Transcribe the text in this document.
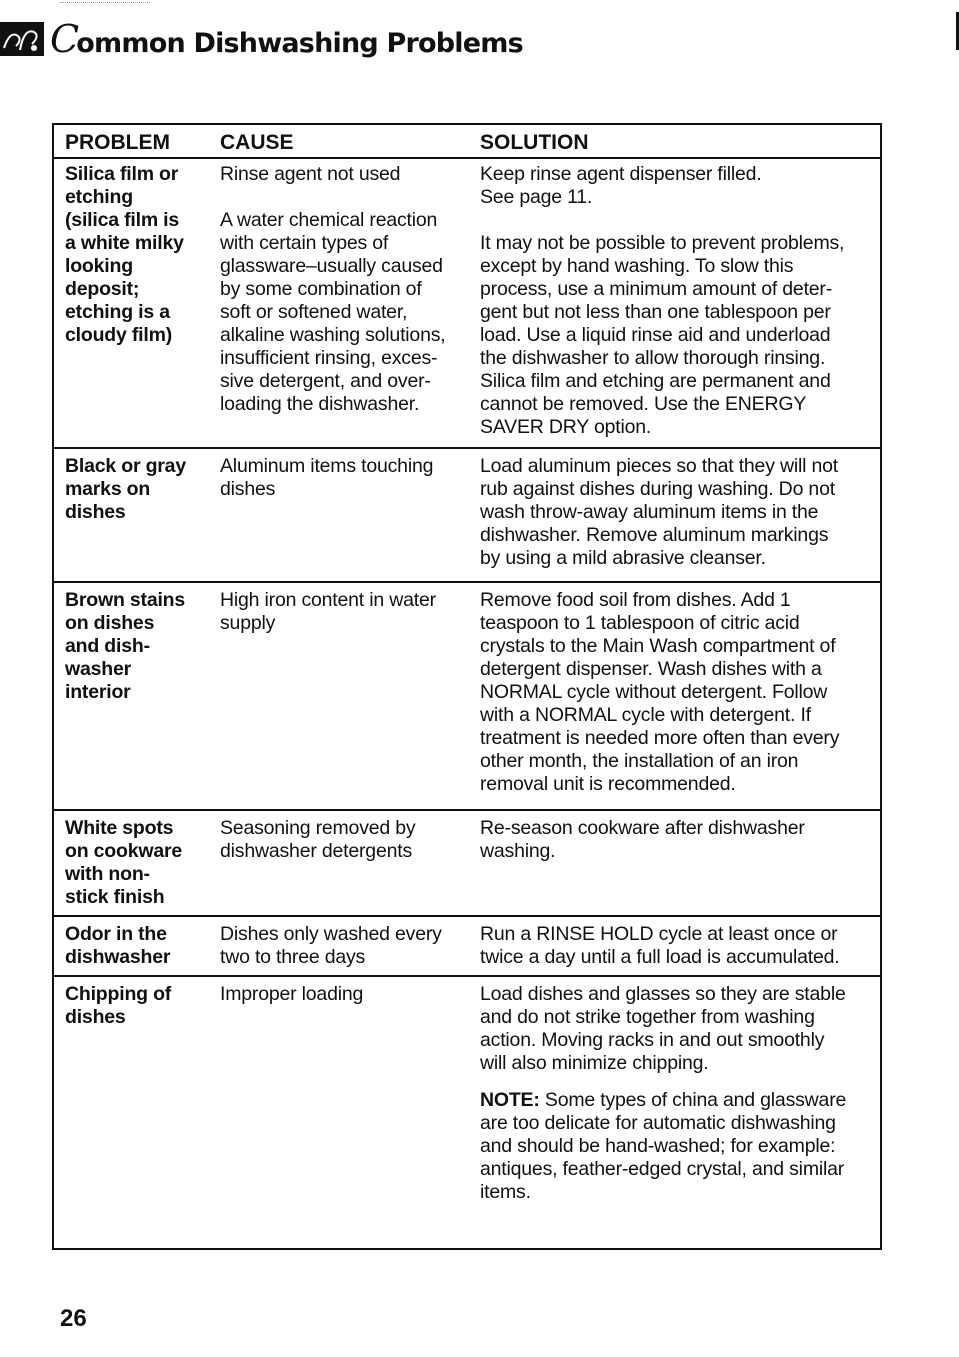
Common Dishwashing Problems
PROBLEM CAUSE	SOLUTION
Silica film or
etching
(silica film is
a white milky
looking
deposit;
etching is a
cloudy film)
Rinse agent not used
A water chemical reaction
with certain types of
glassware–usually caused
by some combination of
soft or softened water,
alkaline washing solutions,
insufficient rinsing, exces-
sive detergent, and over-
loading the dishwasher.
Keep rinse agent dispenser filled.
See page 11.
It may not be possible to prevent problems,
except by hand washing. To slow this
process, use a minimum amount of deter-
gent but not less than one tablespoon per
load. Use a liquid rinse aid and underload
the dishwasher to allow thorough rinsing.
Silica film and etching are permanent and
cannot be removed. Use the ENERGY
SAVER DRY option.
Black or gray
marks on
dishes
Aluminum items touching
dishes
Load aluminum pieces so that they will not
rub against dishes during washing. Do not
wash throw-away aluminum items in the
dishwasher. Remove aluminum markings
by using a mild abrasive cleanser.
Brown stains
on dishes
and dish-
washer
interior
High iron content in water
supply
Remove food soil from dishes. Add 1
teaspoon to 1 tablespoon of citric acid
crystals to the Main Wash compartment of
detergent dispenser. Wash dishes with a
NORMAL cycle without detergent. Follow
with a NORMAL cycle with detergent. If
treatment is needed more often than every
other month, the installation of an iron
removal unit is recommended.
White spots
on cookware
with non-
stick finish
Seasoning removed by
dishwasher detergents
Re-season cookware after dishwasher
washing.
Odor in the
dishwasher
Dishes only washed every
two to three days
Run a RINSE HOLD cycle at least once or
twice a day until a full load is accumulated.
Chipping of
dishes
Improper loading	Load dishes and glasses so they are stable
and do not strike together from washing
action. Moving racks in and out smoothly
will also minimize chipping.
NOTE: Some types of china and glassware
are too delicate for automatic dishwashing
and should be hand-washed; for example:
antiques, feather-edged crystal, and similar
items.
26
